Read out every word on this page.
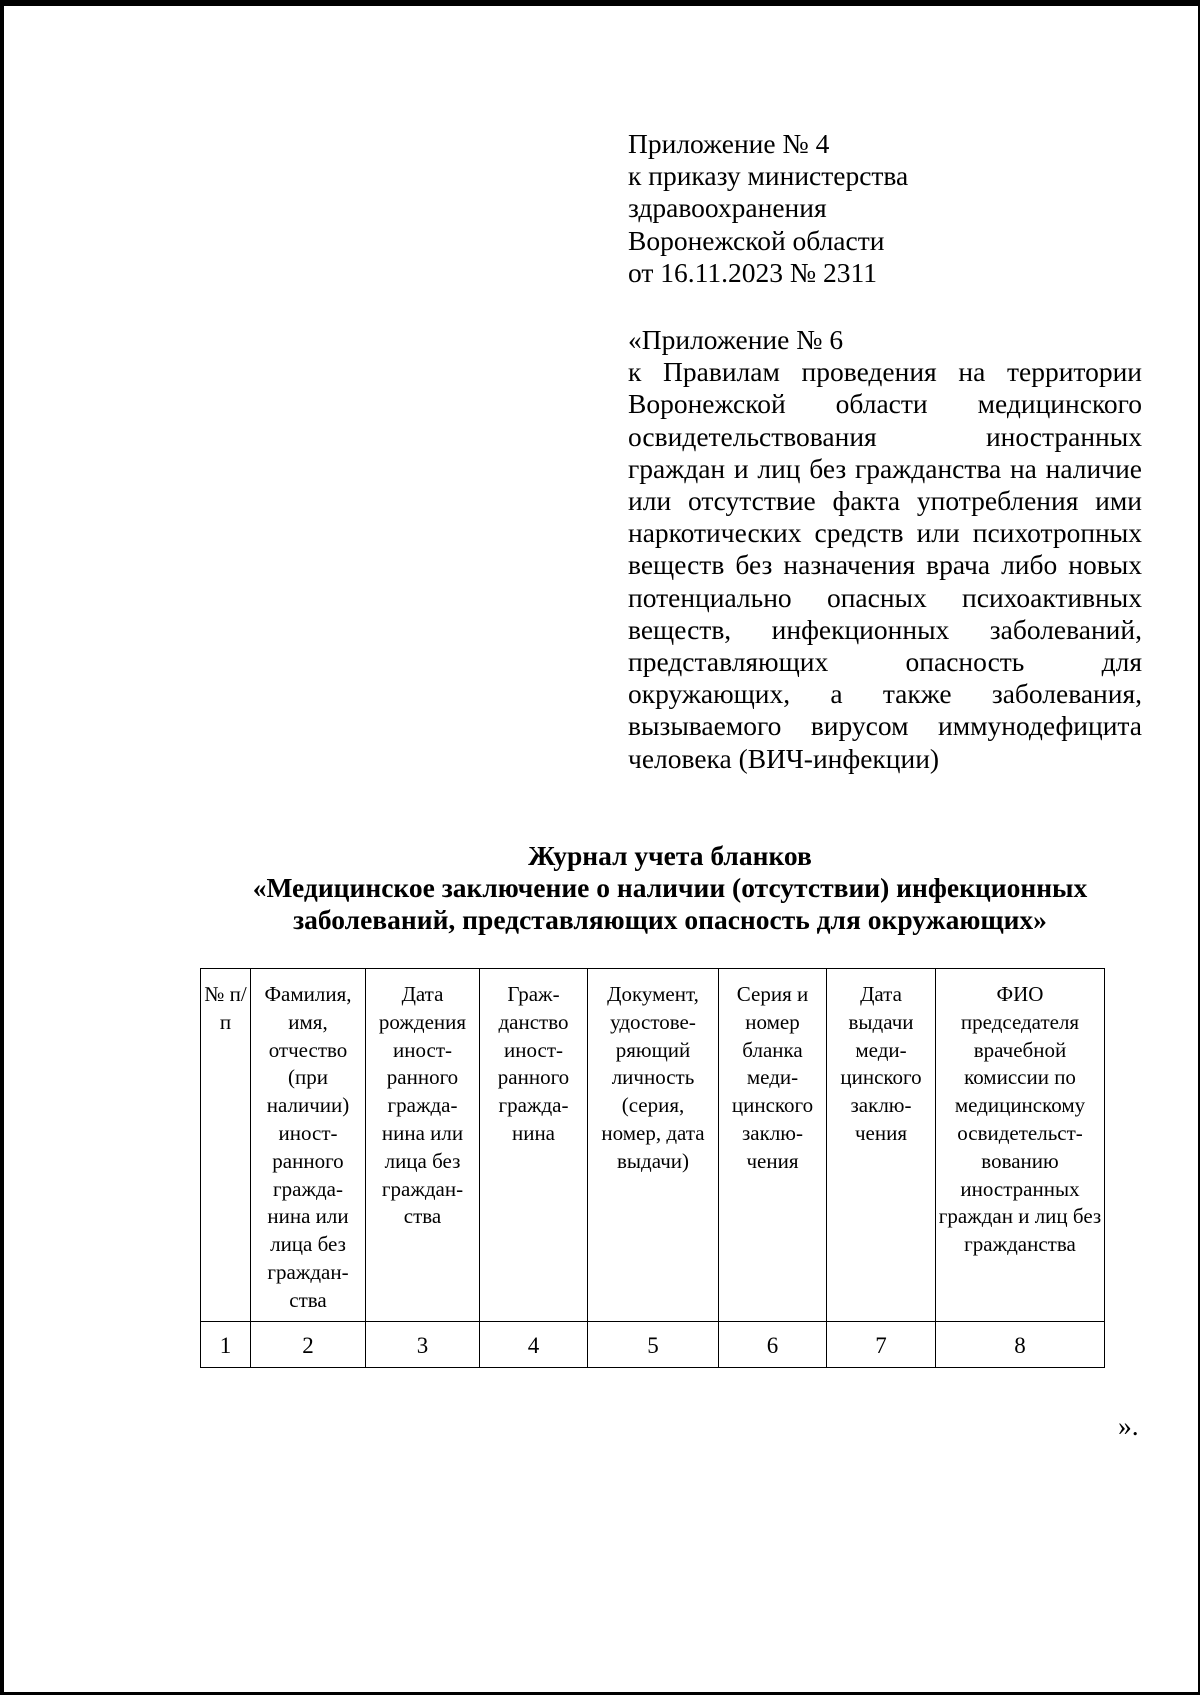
Приложение № 4
к приказу министерства
здравоохранения
Воронежской области
от 16.11.2023 № 2311
«Приложение № 6
к Правилам проведения на территории Воронежской области медицинского освидетельствования иностранных граждан и лиц без гражданства на наличие или отсутствие факта употребления ими наркотических средств или психотропных веществ без назначения врача либо новых потенциально опасных психоактивных веществ, инфекционных заболеваний, представляющих опасность для окружающих, а также заболевания, вызываемого вирусом иммунодефицита человека (ВИЧ-инфекции)
Журнал учета бланков
«Медицинское заключение о наличии (отсутствии) инфекционных
заболеваний, представляющих опасность для окружающих»
№ п/п	Фамилия, имя, отчество (при наличии) иност-ранного гражда-нина или лица без граждан-ства	Дата рождения иност-ранного гражда-нина или лица без граждан-ства	Граж-данство иност-ранного гражда-нина	Документ, удостове-ряющий личность (серия, номер, дата выдачи)	Серия и номер бланка меди-цинского заклю-чения	Дата выдачи меди-цинского заклю-чения	ФИО председателя врачебной комиссии по медицинскому освидетельст-вованию иностранных граждан и лиц без гражданства
1	2	3	4	5	6	7	8
».
